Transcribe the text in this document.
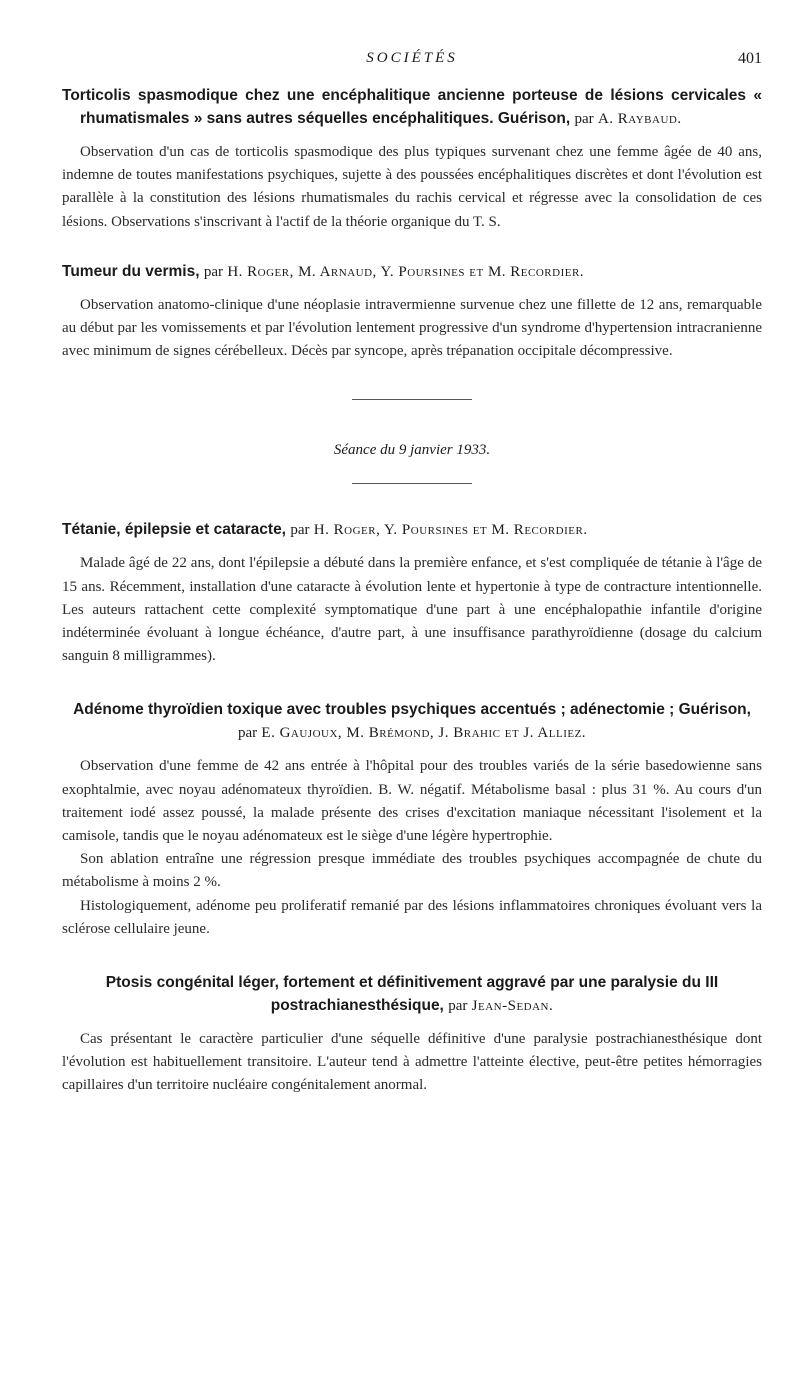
SOCIÉTÉS	401

Torticolis spasmodique chez une encéphalitique ancienne porteuse de lésions cervicales « rhumatismales » sans autres séquelles encéphalitiques. Guérison, par A. Raybaud.

Observation d'un cas de torticolis spasmodique des plus typiques survenant chez une femme âgée de 40 ans, indemne de toutes manifestations psychiques, sujette à des poussées encéphalitiques discrètes et dont l'évolution est parallèle à la constitution des lésions rhumatismales du rachis cervical et régresse avec la consolidation de ces lésions. Observations s'inscrivant à l'actif de la théorie organique du T. S.

Tumeur du vermis, par H. Roger, M. Arnaud, Y. Poursines et M. Recordier.

Observation anatomo-clinique d'une néoplasie intravermienne survenue chez une fillette de 12 ans, remarquable au début par les vomissements et par l'évolution lentement progressive d'un syndrome d'hypertension intracranienne avec minimum de signes cérébelleux. Décès par syncope, après trépanation occipitale décompressive.

Séance du 9 janvier 1933.

Tétanie, épilepsie et cataracte, par H. Roger, Y. Poursines et M. Recordier.

Malade âgé de 22 ans, dont l'épilepsie a débuté dans la première enfance, et s'est compliquée de tétanie à l'âge de 15 ans. Récemment, installation d'une cataracte à évolution lente et hypertonie à type de contracture intentionnelle. Les auteurs rattachent cette complexité symptomatique d'une part à une encéphalopathie infantile d'origine indéterminée évoluant à longue échéance, d'autre part, à une insuffisance parathyroïdienne (dosage du calcium sanguin 8 milligrammes).

Adénome thyroïdien toxique avec troubles psychiques accentués ; adénectomie ; Guérison, par E. Gaujoux, M. Brémond, J. Brahic et J. Alliez.

Observation d'une femme de 42 ans entrée à l'hôpital pour des troubles variés de la série basedowienne sans exophtalmie, avec noyau adénomateux thyroïdien. B. W. négatif. Métabolisme basal : plus 31 %. Au cours d'un traitement iodé assez poussé, la malade présente des crises d'excitation maniaque nécessitant l'isolement et la camisole, tandis que le noyau adénomateux est le siège d'une légère hypertrophie.

Son ablation entraîne une régression presque immédiate des troubles psychiques accompagnée de chute du métabolisme à moins 2 %.

Histologiquement, adénome peu proliferatif remanié par des lésions inflammatoires chroniques évoluant vers la sclérose cellulaire jeune.

Ptosis congénital léger, fortement et définitivement aggravé par une paralysie du III postrachianesthésique, par Jean-Sedan.

Cas présentant le caractère particulier d'une séquelle définitive d'une paralysie postrachianesthésique dont l'évolution est habituellement transitoire. L'auteur tend à admettre l'atteinte élective, peut-être petites hémorragies capillaires d'un territoire nucléaire congénitalement anormal.
